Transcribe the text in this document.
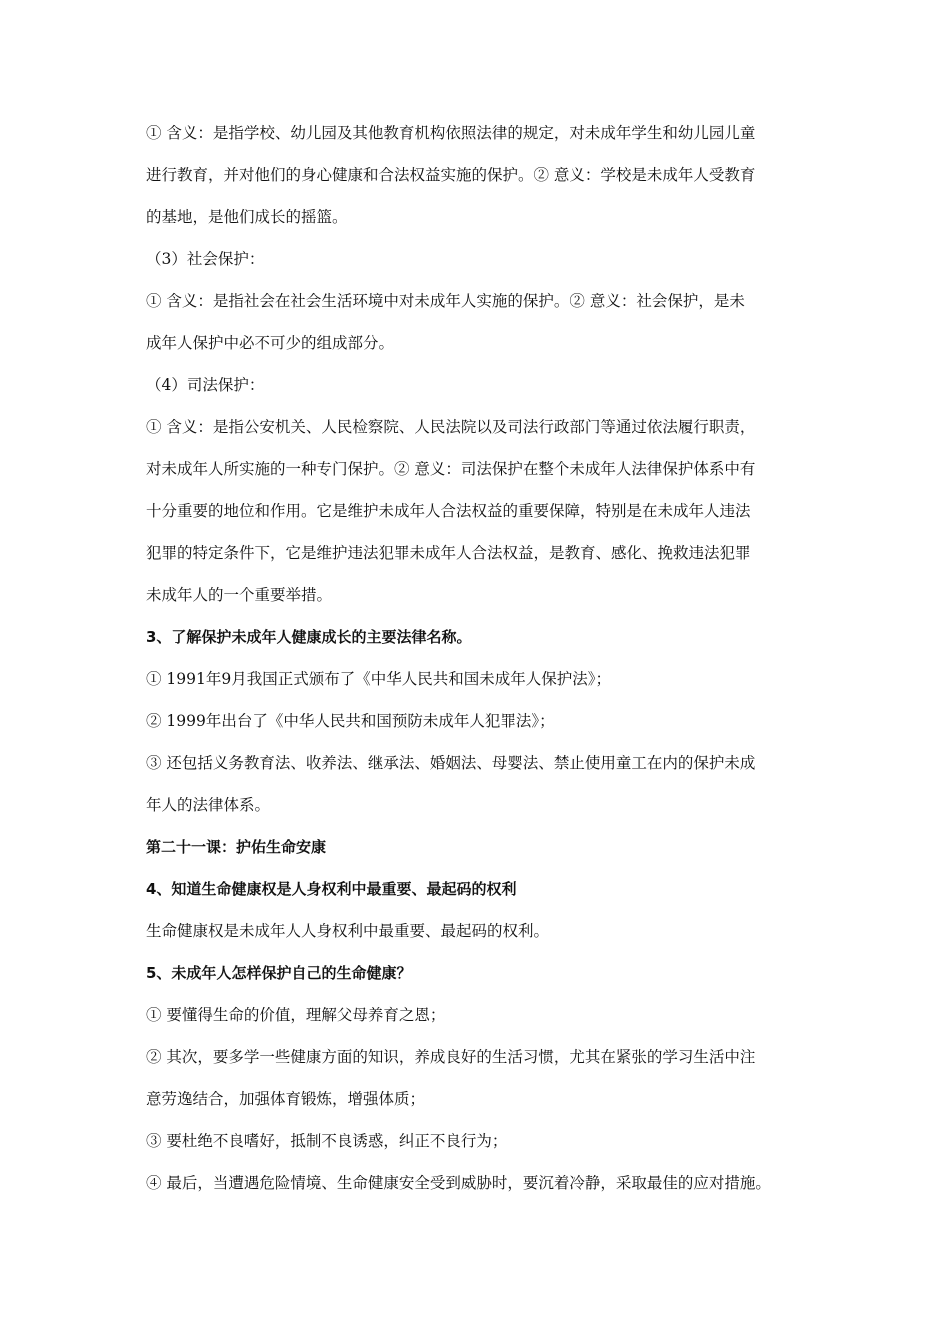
① 含义：是指学校、幼儿园及其他教育机构依照法律的规定，对未成年学生和幼儿园儿童
进行教育，并对他们的身心健康和合法权益实施的保护。② 意义：学校是未成年人受教育
的基地，是他们成长的摇篮。
（3）社会保护：
① 含义：是指社会在社会生活环境中对未成年人实施的保护。② 意义：社会保护，是未
成年人保护中必不可少的组成部分。
（4）司法保护：
① 含义：是指公安机关、人民检察院、人民法院以及司法行政部门等通过依法履行职责，
对未成年人所实施的一种专门保护。② 意义：司法保护在整个未成年人法律保护体系中有
十分重要的地位和作用。它是维护未成年人合法权益的重要保障，特别是在未成年人违法
犯罪的特定条件下，它是维护违法犯罪未成年人合法权益，是教育、感化、挽救违法犯罪
未成年人的一个重要举措。
3、了解保护未成年人健康成长的主要法律名称。
① 1991年9月我国正式颁布了《中华人民共和国未成年人保护法》；
② 1999年出台了《中华人民共和国预防未成年人犯罪法》；
③ 还包括义务教育法、收养法、继承法、婚姻法、母婴法、禁止使用童工在内的保护未成
年人的法律体系。
第二十一课：护佑生命安康
4、知道生命健康权是人身权利中最重要、最起码的权利
生命健康权是未成年人人身权利中最重要、最起码的权利。
5、未成年人怎样保护自己的生命健康？
① 要懂得生命的价值，理解父母养育之恩；
② 其次，要多学一些健康方面的知识，养成良好的生活习惯，尤其在紧张的学习生活中注
意劳逸结合，加强体育锻炼，增强体质；
③ 要杜绝不良嗜好，抵制不良诱惑，纠正不良行为；
④ 最后，当遭遇危险情境、生命健康安全受到威胁时，要沉着冷静，采取最佳的应对措施。
